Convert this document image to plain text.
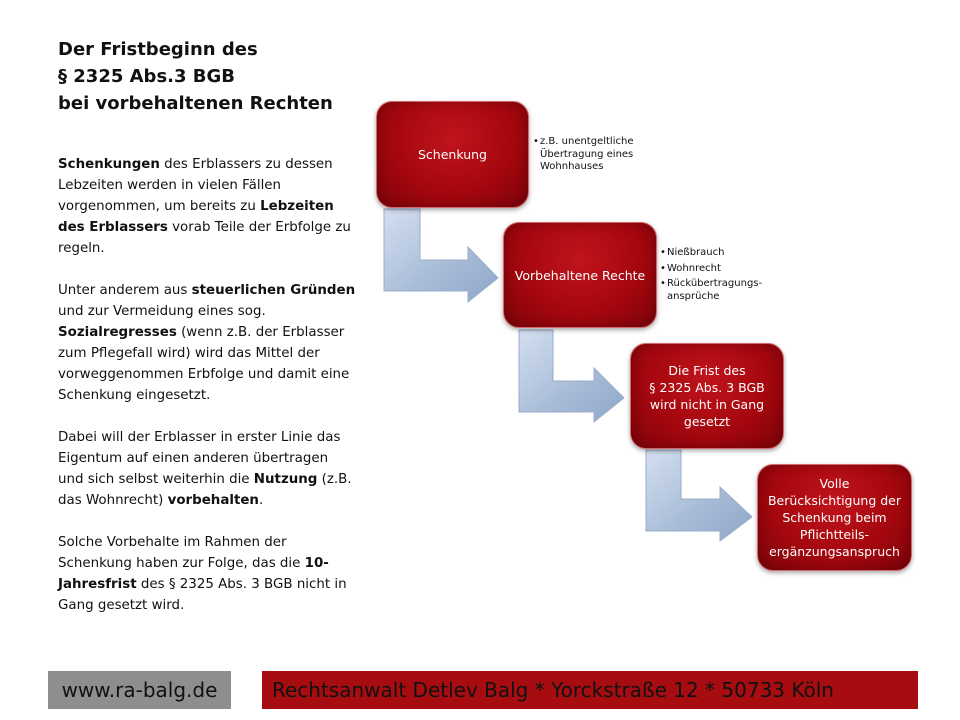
Der Fristbeginn des
§ 2325 Abs.3 BGB
bei vorbehaltenen Rechten

Schenkungen des Erblassers zu dessen Lebzeiten werden in vielen Fällen vorgenommen, um bereits zu Lebzeiten des Erblassers vorab Teile der Erbfolge zu regeln.

Unter anderem aus steuerlichen Gründen und zur Vermeidung eines sog. Sozialregresses (wenn z.B. der Erblasser zum Pflegefall wird) wird das Mittel der vorweggenommen Erbfolge und damit eine Schenkung eingesetzt.

Dabei will der Erblasser in erster Linie das Eigentum auf einen anderen übertragen und sich selbst weiterhin die Nutzung (z.B. das Wohnrecht) vorbehalten.

Solche Vorbehalte im Rahmen der Schenkung haben zur Folge, das die 10-Jahresfrist des § 2325 Abs. 3 BGB nicht in Gang gesetzt wird.

Schenkung
• z.B. unentgeltliche
Übertragung eines
Wohnhauses
Vorbehaltene Rechte
• Nießbrauch
• Wohnrecht
• Rückübertragungs-
ansprüche
Die Frist des
§ 2325 Abs. 3 BGB
wird nicht in Gang
gesetzt
Volle
Berücksichtigung der
Schenkung beim
Pflichtteils-
ergänzungsanspruch
www.ra-balg.de	Rechtsanwalt Detlev Balg * Yorckstraße 12 * 50733 Köln
